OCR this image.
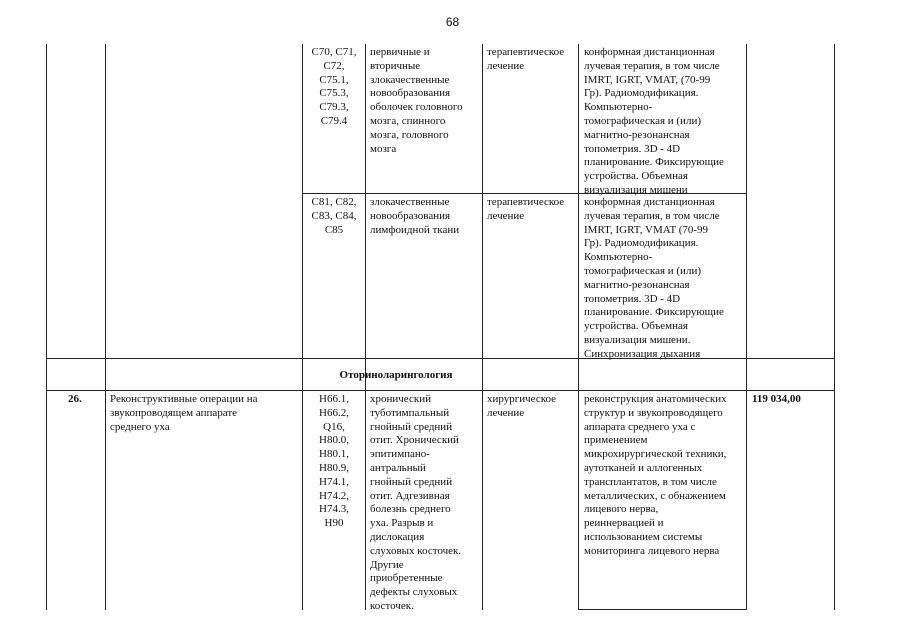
68
C70, C71,
C72,
C75.1,
C75.3,
C79.3,
C79.4
первичные и
вторичные
злокачественные
новообразования
оболочек головного
мозга, спинного
мозга, головного
мозга
терапевтическое
лечение
конформная дистанционная
лучевая терапия, в том числе
IMRT, IGRT, VMAT, (70-99
Гр). Радиомодификация.
Компьютерно-
томографическая и (или)
магнитно-резонансная
топометрия. 3D - 4D
планирование. Фиксирующие
устройства. Объемная
визуализация мишени
C81, C82,
C83, C84,
C85
злокачественные
новообразования
лимфоидной ткани
терапевтическое
лечение
конформная дистанционная
лучевая терапия, в том числе
IMRT, IGRT, VMAT (70-99
Гр). Радиомодификация.
Компьютерно-
томографическая и (или)
магнитно-резонансная
топометрия. 3D - 4D
планирование. Фиксирующие
устройства. Объемная
визуализация мишени.
Синхронизация дыхания
Оториноларингология
26.	Реконструктивные операции на
звукопроводящем аппарате
среднего уха
H66.1,
H66.2,
Q16,
H80.0,
H80.1,
H80.9,
H74.1,
H74.2,
H74.3,
H90
хронический
туботимпальный
гнойный средний
отит. Хронический
эпитимпано-
антральный
гнойный средний
отит. Адгезивная
болезнь среднего
уха. Разрыв и
дислокация
слуховых косточек.
Другие
приобретенные
дефекты слуховых
косточек.
хирургическое
лечение
реконструкция анатомических
структур и звукопроводящего
аппарата среднего уха с
применением
микрохирургической техники,
аутотканей и аллогенных
трансплантатов, в том числе
металлических, с обнажением
лицевого нерва,
реиннервацией и
использованием системы
мониторинга лицевого нерва
119 034,00
